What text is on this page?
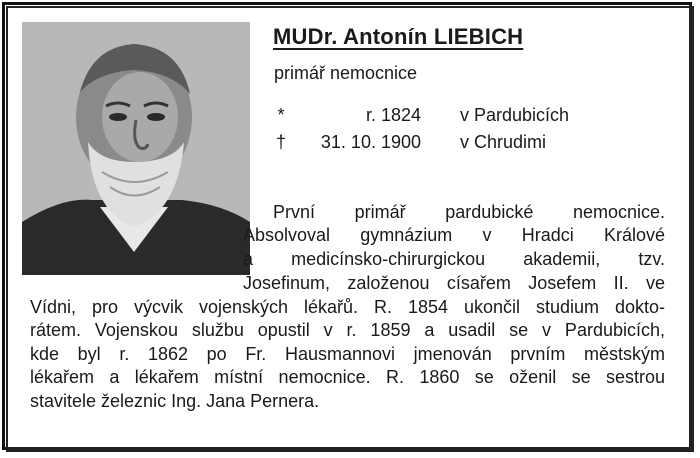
MUDr. Antonín LIEBICH
primář nemocnice
*	r. 1824 v Pardubicích
†	31. 10. 1900 v Chrudimi
První primář pardubické nemocnice.
Absolvoval gymnázium v Hradci Králové
a medicínsko-chirurgickou akademii, tzv.
Josefinum, založenou císařem Josefem II. ve
Vídni, pro výcvik vojenských lékařů. R. 1854 ukončil studium dokto-
rátem. Vojenskou službu opustil v r. 1859 a usadil se v Pardubicích,
kde byl r. 1862 po Fr. Hausmannovi jmenován prvním městským
lékařem a lékařem místní nemocnice. R. 1860 se oženil se sestrou
stavitele železnic Ing. Jana Pernera.
